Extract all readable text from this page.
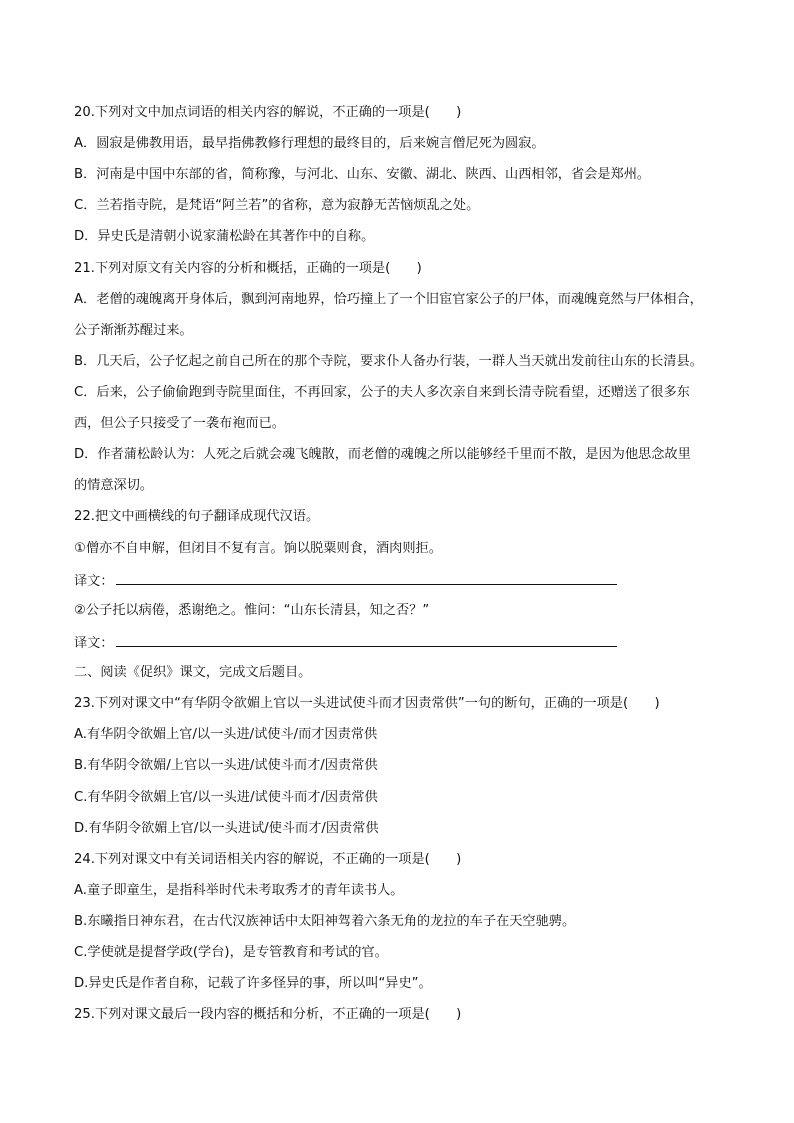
20.下列对文中加点词语的相关内容的解说，不正确的一项是(　　)
A．圆寂是佛教用语，最早指佛教修行理想的最终目的，后来婉言僧尼死为圆寂。
B．河南是中国中东部的省，简称豫，与河北、山东、安徽、湖北、陕西、山西相邻，省会是郑州。
C．兰若指寺院，是梵语“阿兰若”的省称，意为寂静无苦恼烦乱之处。
D．异史氏是清朝小说家蒲松龄在其著作中的自称。
21.下列对原文有关内容的分析和概括，正确的一项是(　　)
A．老僧的魂魄离开身体后，飘到河南地界，恰巧撞上了一个旧宦官家公子的尸体，而魂魄竟然与尸体相合，
公子渐渐苏醒过来。
B．几天后，公子忆起之前自己所在的那个寺院，要求仆人备办行装，一群人当天就出发前往山东的长清县。
C．后来，公子偷偷跑到寺院里面住，不再回家，公子的夫人多次亲自来到长清寺院看望，还赠送了很多东
西，但公子只接受了一袭布袍而已。
D．作者蒲松龄认为：人死之后就会魂飞魄散，而老僧的魂魄之所以能够经千里而不散，是因为他思念故里
的情意深切。
22.把文中画横线的句子翻译成现代汉语。
①僧亦不自申解，但闭目不复有言。饷以脱粟则食，酒肉则拒。
译文：
②公子托以病倦，悉谢绝之。惟问：“山东长清县，知之否？”
译文：
二、阅读《促织》课文，完成文后题目。
23.下列对课文中“有华阴令欲媚上官以一头进试使斗而才因责常供”一句的断句，正确的一项是(　　)
A.有华阴令欲媚上官/以一头进/试使斗/而才因责常供
B.有华阴令欲媚/上官以一头进/试使斗而才/因责常供
C.有华阴令欲媚上官/以一头进/试使斗而才/因责常供
D.有华阴令欲媚上官/以一头进试/使斗而才/因责常供
24.下列对课文中有关词语相关内容的解说，不正确的一项是(　　)
A.童子即童生，是指科举时代未考取秀才的青年读书人。
B.东曦指日神东君，在古代汉族神话中太阳神驾着六条无角的龙拉的车子在天空驰骋。
C.学使就是提督学政(学台)，是专管教育和考试的官。
D.异史氏是作者自称，记载了许多怪异的事，所以叫“异史”。
25.下列对课文最后一段内容的概括和分析，不正确的一项是(　　)
